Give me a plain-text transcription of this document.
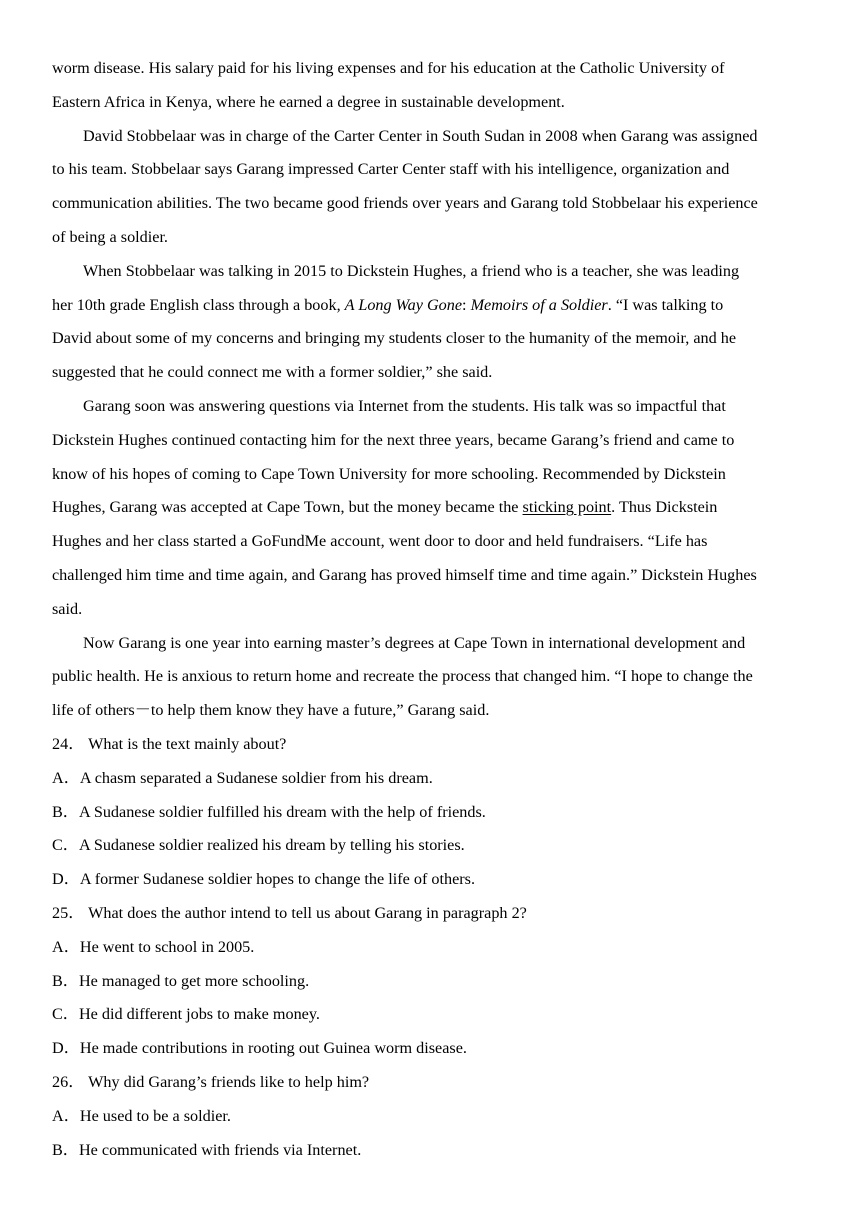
worm disease. His salary paid for his living expenses and for his education at the Catholic University of
Eastern Africa in Kenya, where he earned a degree in sustainable development.
David Stobbelaar was in charge of the Carter Center in South Sudan in 2008 when Garang was assigned
to his team. Stobbelaar says Garang impressed Carter Center staff with his intelligence, organization and
communication abilities. The two became good friends over years and Garang told Stobbelaar his experience
of being a soldier.
When Stobbelaar was talking in 2015 to Dickstein Hughes, a friend who is a teacher, she was leading
her 10th grade English class through a book, A Long Way Gone: Memoirs of a Soldier. “I was talking to
David about some of my concerns and bringing my students closer to the humanity of the memoir, and he
suggested that he could connect me with a former soldier,” she said.
Garang soon was answering questions via Internet from the students. His talk was so impactful that
Dickstein Hughes continued contacting him for the next three years, became Garang’s friend and came to
know of his hopes of coming to Cape Town University for more schooling. Recommended by Dickstein
Hughes, Garang was accepted at Cape Town, but the money became the sticking point. Thus Dickstein
Hughes and her class started a GoFundMe account, went door to door and held fundraisers. “Life has
challenged him time and time again, and Garang has proved himself time and time again.” Dickstein Hughes
said.
Now Garang is one year into earning master’s degrees at Cape Town in international development and
public health. He is anxious to return home and recreate the process that changed him. “I hope to change the
life of others－to help them know they have a future,” Garang said.
24． What is the text mainly about?
A．A chasm separated a Sudanese soldier from his dream.
B．A Sudanese soldier fulfilled his dream with the help of friends.
C．A Sudanese soldier realized his dream by telling his stories.
D．A former Sudanese soldier hopes to change the life of others.
25． What does the author intend to tell us about Garang in paragraph 2?
A．He went to school in 2005.
B．He managed to get more schooling.
C．He did different jobs to make money.
D．He made contributions in rooting out Guinea worm disease.
26． Why did Garang’s friends like to help him?
A．He used to be a soldier.
B．He communicated with friends via Internet.
